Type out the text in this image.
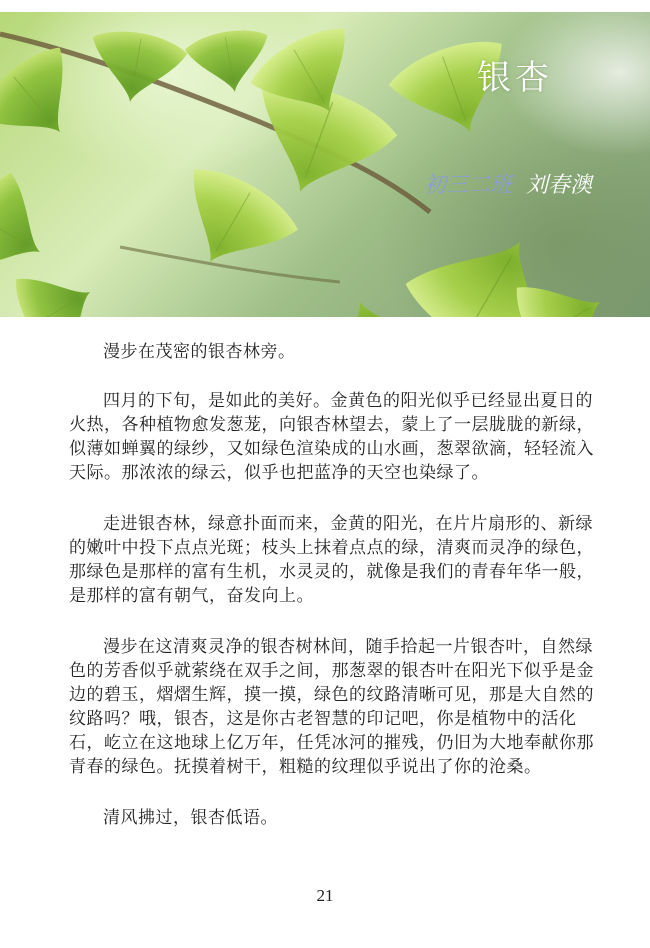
银杏
初三二班 刘春澳

漫步在茂密的银杏林旁。

四月的下旬，是如此的美好。金黄色的阳光似乎已经显出夏日的火热，各种植物愈发葱茏，向银杏林望去，蒙上了一层胧胧的新绿，似薄如蝉翼的绿纱，又如绿色渲染成的山水画，葱翠欲滴，轻轻流入天际。那浓浓的绿云，似乎也把蓝净的天空也染绿了。

走进银杏林，绿意扑面而来，金黄的阳光，在片片扇形的、新绿的嫩叶中投下点点光斑；枝头上抹着点点的绿，清爽而灵净的绿色，那绿色是那样的富有生机，水灵灵的，就像是我们的青春年华一般，是那样的富有朝气，奋发向上。

漫步在这清爽灵净的银杏树林间，随手拾起一片银杏叶，自然绿色的芳香似乎就萦绕在双手之间，那葱翠的银杏叶在阳光下似乎是金边的碧玉，熠熠生辉，摸一摸，绿色的纹路清晰可见，那是大自然的纹路吗？哦，银杏，这是你古老智慧的印记吧，你是植物中的活化石，屹立在这地球上亿万年，任凭冰河的摧残，仍旧为大地奉献你那青春的绿色。抚摸着树干，粗糙的纹理似乎说出了你的沧桑。

清风拂过，银杏低语。

21
